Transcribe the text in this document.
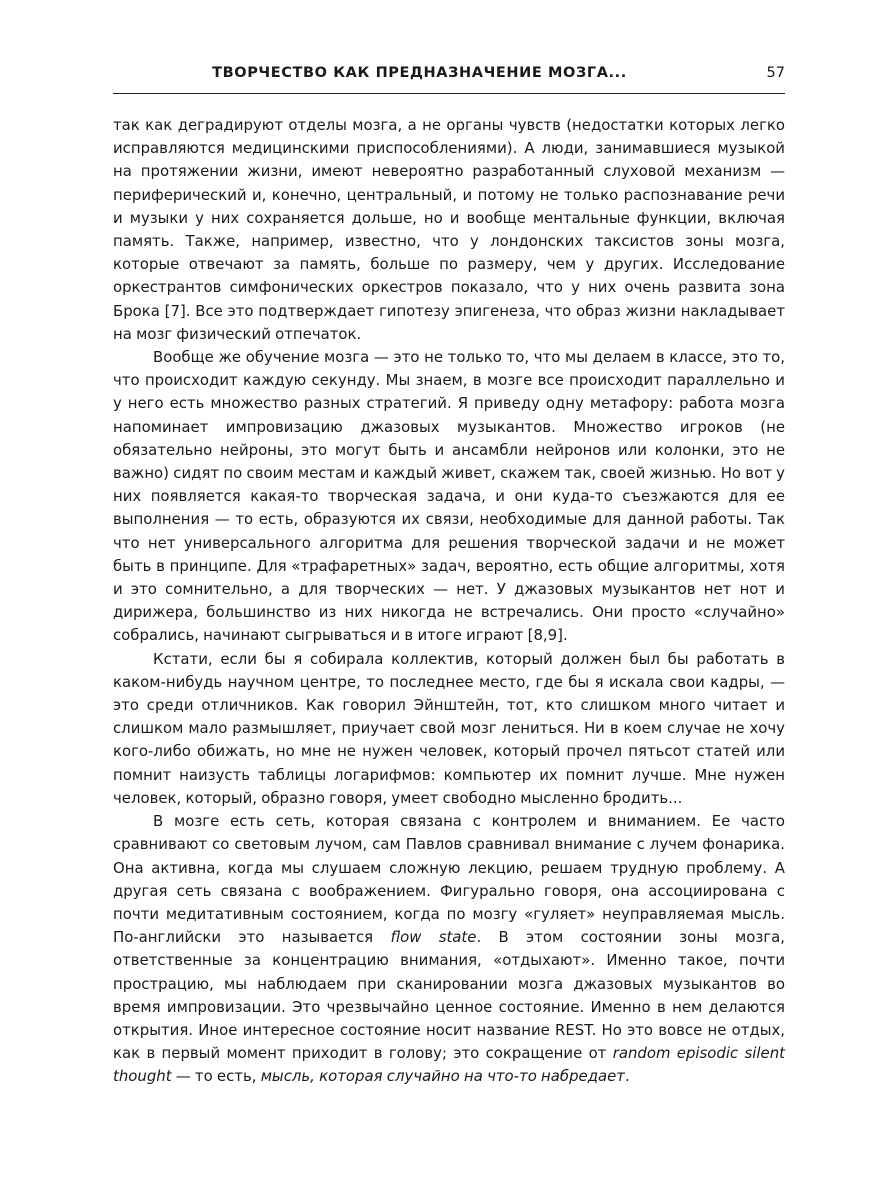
ТВОРЧЕСТВО КАК ПРЕДНАЗНАЧЕНИЕ МОЗГА...	57

так как деградируют отделы мозга, а не органы чувств (недостатки которых легко исправляются медицинскими приспособлениями). А люди, занимавшиеся музыкой на протяжении жизни, имеют невероятно разработанный слуховой механизм — периферический и, конечно, центральный, и потому не только распознавание речи и музыки у них сохраняется дольше, но и вообще ментальные функции, включая память. Также, например, известно, что у лондонских таксистов зоны мозга, которые отвечают за память, больше по размеру, чем у других. Исследование оркестрантов симфонических оркестров показало, что у них очень развита зона Брока [7]. Все это подтверждает гипотезу эпигенеза, что образ жизни накладывает на мозг физический отпечаток.

Вообще же обучение мозга — это не только то, что мы делаем в классе, это то, что происходит каждую секунду. Мы знаем, в мозге все происходит параллельно и у него есть множество разных стратегий. Я приведу одну метафору: работа мозга напоминает импровизацию джазовых музыкантов. Множество игроков (не обязательно нейроны, это могут быть и ансамбли нейронов или колонки, это не важно) сидят по своим местам и каждый живет, скажем так, своей жизнью. Но вот у них появляется какая-то творческая задача, и они куда-то съезжаются для ее выполнения — то есть, образуются их связи, необходимые для данной работы. Так что нет универсального алгоритма для решения творческой задачи и не может быть в принципе. Для «трафаретных» задач, вероятно, есть общие алгоритмы, хотя и это сомнительно, а для творческих — нет. У джазовых музыкантов нет нот и дирижера, большинство из них никогда не встречались. Они просто «случайно» собрались, начинают сыгрываться и в итоге играют [8,9].

Кстати, если бы я собирала коллектив, который должен был бы работать в каком-нибудь научном центре, то последнее место, где бы я искала свои кадры, — это среди отличников. Как говорил Эйнштейн, тот, кто слишком много читает и слишком мало размышляет, приучает свой мозг лениться. Ни в коем случае не хочу кого-либо обижать, но мне не нужен человек, который прочел пятьсот статей или помнит наизусть таблицы логарифмов: компьютер их помнит лучше. Мне нужен человек, который, образно говоря, умеет свободно мысленно бродить...

В мозге есть сеть, которая связана с контролем и вниманием. Ее часто сравнивают со световым лучом, сам Павлов сравнивал внимание с лучем фонарика. Она активна, когда мы слушаем сложную лекцию, решаем трудную проблему. А другая сеть связана с воображением. Фигурально говоря, она ассоциирована с почти медитативным состоянием, когда по мозгу «гуляет» неуправляемая мысль. По-английски это называется flow state. В этом состоянии зоны мозга, ответственные за концентрацию внимания, «отдыхают». Именно такое, почти прострацию, мы наблюдаем при сканировании мозга джазовых музыкантов во время импровизации. Это чрезвычайно ценное состояние. Именно в нем делаются открытия. Иное интересное состояние носит название REST. Но это вовсе не отдых, как в первый момент приходит в голову; это сокращение от random episodic silent thought — то есть, мысль, которая случайно на что-то набредает.
